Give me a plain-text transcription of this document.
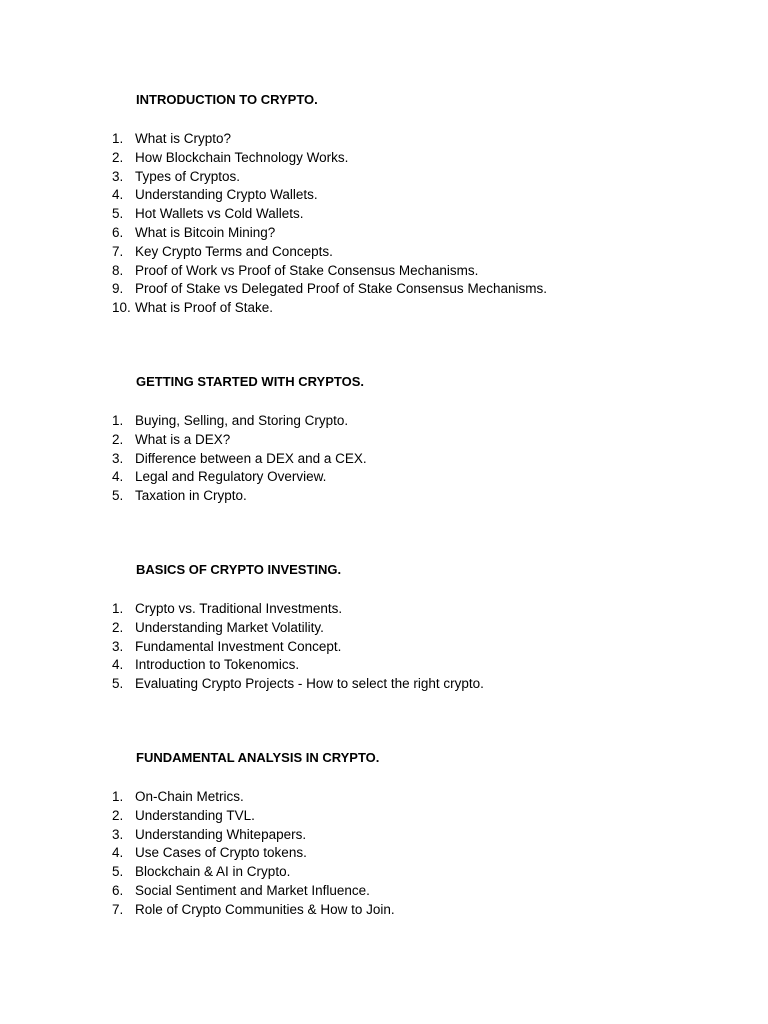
INTRODUCTION TO CRYPTO.
1. What is Crypto?
2. How Blockchain Technology Works.
3. Types of Cryptos.
4. Understanding Crypto Wallets.
5. Hot Wallets vs Cold Wallets.
6. What is Bitcoin Mining?
7. Key Crypto Terms and Concepts.
8. Proof of Work vs Proof of Stake Consensus Mechanisms.
9. Proof of Stake vs Delegated Proof of Stake Consensus Mechanisms.
10. What is Proof of Stake.
GETTING STARTED WITH CRYPTOS.
1. Buying, Selling, and Storing Crypto.
2. What is a DEX?
3. Difference between a DEX and a CEX.
4. Legal and Regulatory Overview.
5. Taxation in Crypto.
BASICS OF CRYPTO INVESTING.
1. Crypto vs. Traditional Investments.
2. Understanding Market Volatility.
3. Fundamental Investment Concept.
4. Introduction to Tokenomics.
5. Evaluating Crypto Projects - How to select the right crypto.
FUNDAMENTAL ANALYSIS IN CRYPTO.
1. On-Chain Metrics.
2. Understanding TVL.
3. Understanding Whitepapers.
4. Use Cases of Crypto tokens.
5. Blockchain & AI in Crypto.
6. Social Sentiment and Market Influence.
7. Role of Crypto Communities & How to Join.
